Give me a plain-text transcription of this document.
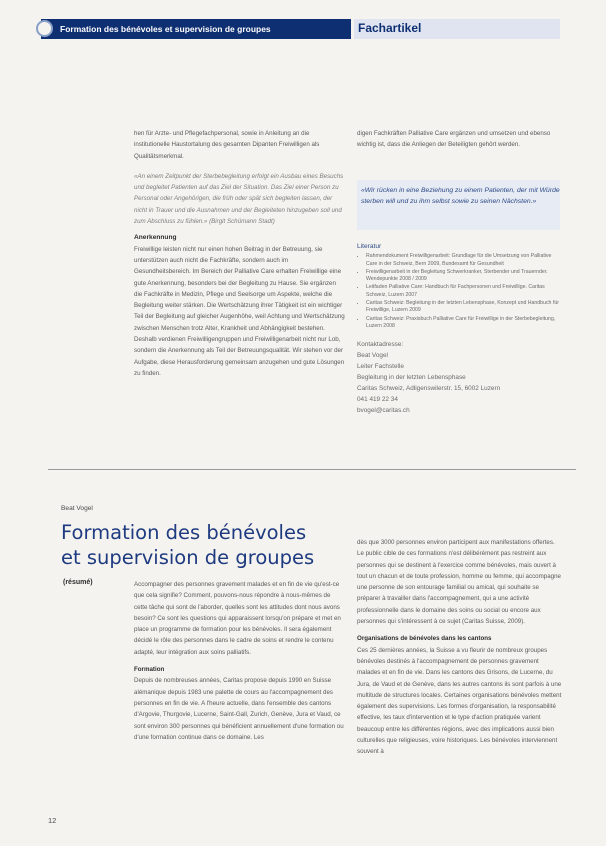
Formation des bénévoles et supervision de groupes	Fachartikel

hen für Arzte- und Pflegefachpersonal, sowie in Anleitung an die institutionelle Haustortalung des gesamten Dipanten Freiwilligen als Qualitätsmerkmal.

«An einem Zeitpunkt der Sterbebegleitung erfolgt ein Ausbau eines Besuchs und begleitet Patienten auf das Ziel der Situation. Das Ziel einer Person zu Personal oder Angehörigen, die früh oder spät sich begleiten lassen, der nicht in Trauer und die Ausnahmen und der Begleiteten hinzugeben soll und zum Abschluss zu fühlen.» (Birgit Schümann Stadt)

Anerkennung

Freiwillige leisten nicht nur einen hohen Beitrag in der Betreuung, sie unterstützen auch nicht die Fachkräfte, sondern auch im Gesundheitsbereich. Im Bereich der Palliative Care erhalten Freiwillige eine gute Anerkennung, besonders bei der Begleitung zu Hause. Sie ergänzen die Fachkräfte in Medizin, Pflege und Seelsorge um Aspekte, welche die Begleitung weiter stärken. Die Wertschätzung ihrer Tätigkeit ist ein wichtiger Teil der Begleitung auf gleicher Augenhöhe, weil Achtung und Wertschätzung zwischen Menschen trotz Alter, Krankheit und Abhängigkeit bestehen. Deshalb verdienen Freiwilligengruppen und Freiwilligenarbeit nicht nur Lob, sondern die Anerkennung als Teil der Betreuungsqualität. Wir stehen vor der Aufgabe, diese Herausforderung gemeinsam anzugehen und gute Lösungen zu finden.

digen Fachkräften Palliative Care ergänzen und umsetzen und ebenso wichtig ist, dass die Anliegen der Beteiligten gehört werden.

«Wir rücken in eine Beziehung zu einem Patienten, der mit Würde sterben will und zu ihm selbst sowie zu seinen Nächsten.»

Literatur
• Rahmendokument Freiwilligenarbeit: Grundlage für die Umsetzung von Palliative Care in der Schweiz, Bern 2009, Bundesamt für Gesundheit
• Freiwilligenarbeit in der Begleitung Schwerkranker, Sterbender und Trauernder. Wendepunkte 2008 / 2009
• Leitfaden Palliative Care: Handbuch für Fachpersonen und Freiwillige. Caritas Schweiz, Luzern 2007
• Caritas Schweiz: Begleitung in der letzten Lebensphase, Konzept und Handbuch für Freiwillige, Luzern 2009
• Caritas Schweiz: Praxisbuch Palliative Care für Freiwillige in der Sterbebegleitung, Luzern 2008
Kontaktadresse:
Beat Vogel
Leiter Fachstelle
Begleitung in der letzten Lebensphase
Caritas Schweiz, Adligenswilerstr. 15, 6002 Luzern
041 419 22 34
bvogel@caritas.ch
Beat Vogel
Formation des bénévoles
et supervision de groupes
(résumé)	Accompagner des personnes gravement malades et en fin de vie qu'est-ce que cela signifie? Comment, pouvons-nous répondre à nous-mêmes de cette tâche qui sont de l'aborder, quelles sont les attitudes dont nous avons besoin? Ce sont les questions qui apparaissent lorsqu'on prépare et met en place un programme de formation pour les bénévoles. Il sera également décidé le rôle des personnes dans le cadre de soins et rendre le contenu adapté, leur intégration aux soins palliatifs.

Formation

Depuis de nombreuses années, Caritas propose depuis 1990 en Suisse alémanique depuis 1983 une palette de cours au l'accompagnement des personnes en fin de vie. A l'heure actuelle, dans l'ensemble des cantons d'Argovie, Thurgovie, Lucerne, Saint-Gall, Zurich, Genève, Jura et Vaud, ce sont environ 300 personnes qui bénéficient annuellement d'une formation ou d'une formation continue dans ce domaine. Les

dès que 3000 personnes environ participent aux manifestations offertes. Le public cible de ces formations n'est délibérément pas restreint aux personnes qui se destinent à l'exercice comme bénévoles, mais ouvert à tout un chacun et de toute profession, homme ou femme, qui accompagne une personne de son entourage familial ou amical, qui souhaite se préparer à travailler dans l'accompagnement, qui a une activité professionnelle dans le domaine des soins ou social ou encore aux personnes qui s'intéressent à ce sujet (Caritas Suisse, 2009).

Organisations de bénévoles dans les cantons

Ces 25 dernières années, la Suisse a vu fleurir de nombreux groupes bénévoles destinés à l'accompagnement de personnes gravement malades et en fin de vie. Dans les cantons des Grisons, de Lucerne, du Jura, de Vaud et de Genève, dans les autres cantons ils sont parfois à une multitude de structures locales. Certaines organisations bénévoles mettent également des supervisions. Les formes d'organisation, la responsabilité effective, les taux d'intervention et le type d'action pratiquée varient beaucoup entre les différentes régions, avec des implications aussi bien culturelles que religieuses, voire historiques. Les bénévoles interviennent souvent à

12
